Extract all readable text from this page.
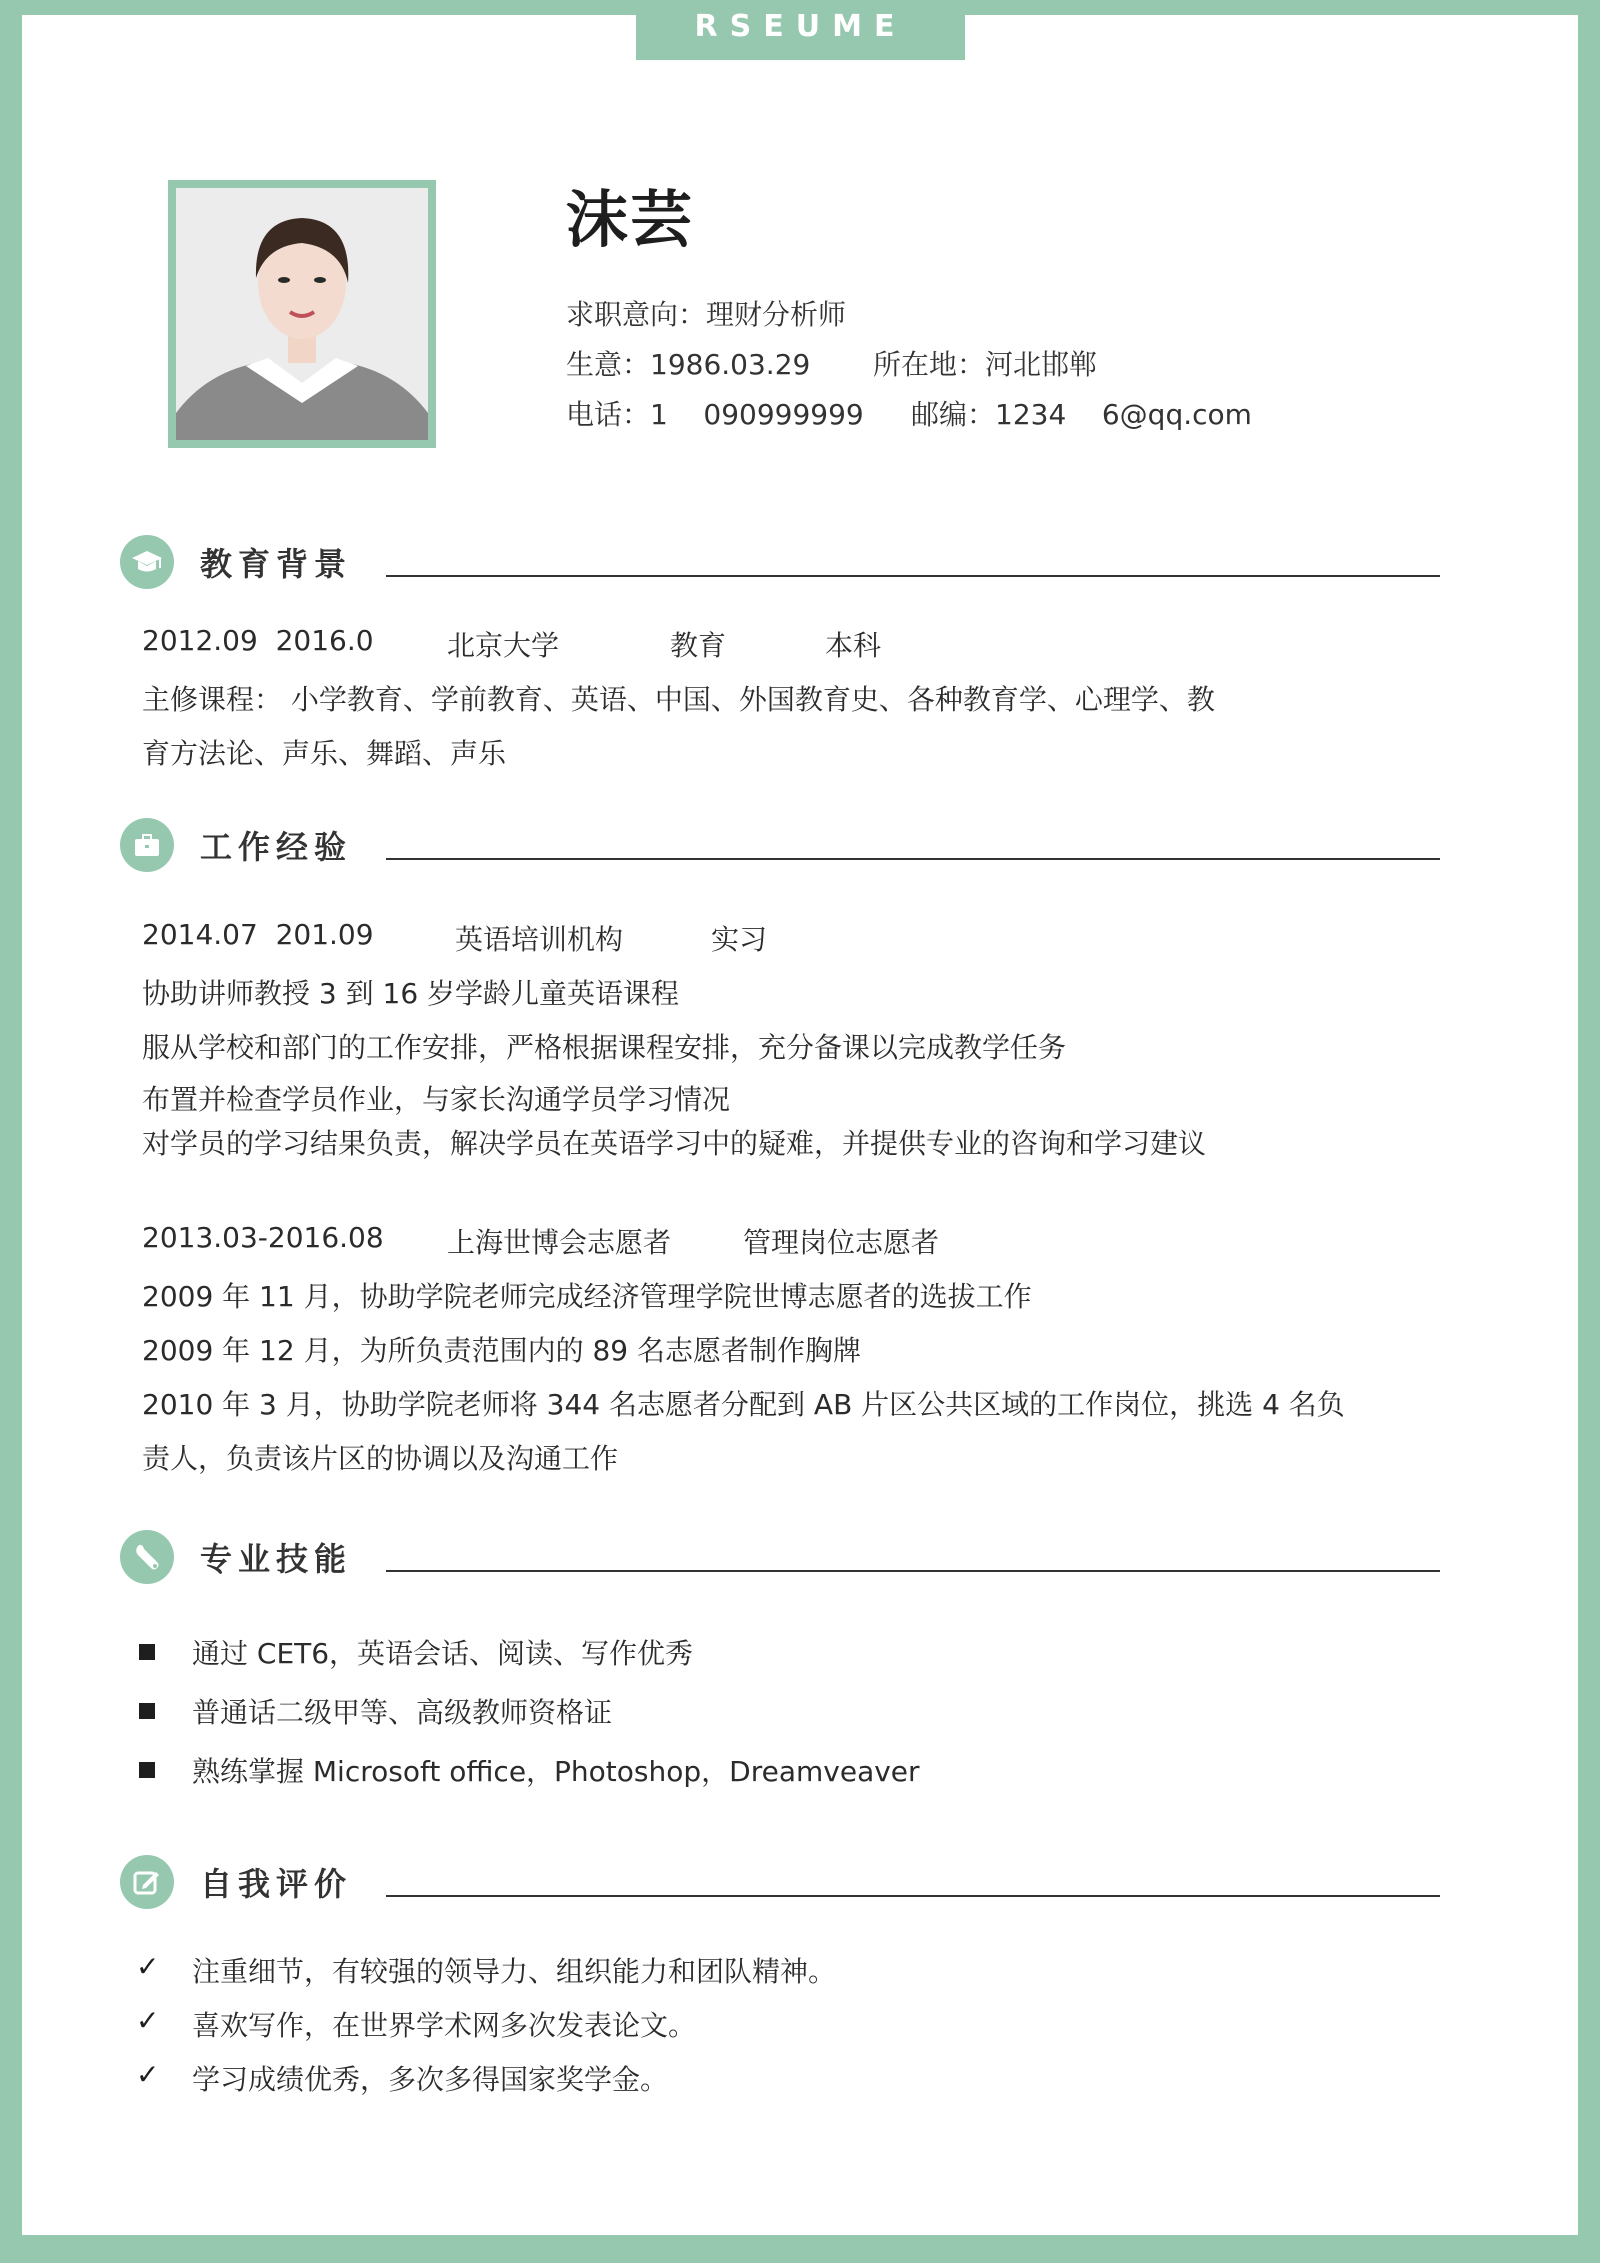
RSEUME
沫芸
求职意向：理财分析师
生意：1986.03.29 所在地：河北邯郸
电话：1    090999999 邮编：1234    6@qq.com
教育背景
2012.09  2016.0	北京大学	教育	本科
主修课程： 小学教育、学前教育、英语、中国、外国教育史、各种教育学、心理学、教
育方法论、声乐、舞蹈、声乐
工作经验
2014.07  201.09	英语培训机构	实习
协助讲师教授 3 到 16 岁学龄儿童英语课程
服从学校和部门的工作安排，严格根据课程安排，充分备课以完成教学任务
布置并检查学员作业，与家长沟通学员学习情况
对学员的学习结果负责，解决学员在英语学习中的疑难，并提供专业的咨询和学习建议
2013.03-2016.08 上海世博会志愿者	管理岗位志愿者
2009 年 11 月，协助学院老师完成经济管理学院世博志愿者的选拔工作
2009 年 12 月，为所负责范围内的 89 名志愿者制作胸牌
2010 年 3 月，协助学院老师将 344 名志愿者分配到 AB 片区公共区域的工作岗位，挑选 4 名负
责人，负责该片区的协调以及沟通工作
专业技能
通过 CET6，英语会话、阅读、写作优秀
普通话二级甲等、高级教师资格证
熟练掌握 Microsoft office，Photoshop，Dreamveaver
自我评价
✓ 注重细节，有较强的领导力、组织能力和团队精神。
✓ 喜欢写作，在世界学术网多次发表论文。
✓ 学习成绩优秀，多次多得国家奖学金。
